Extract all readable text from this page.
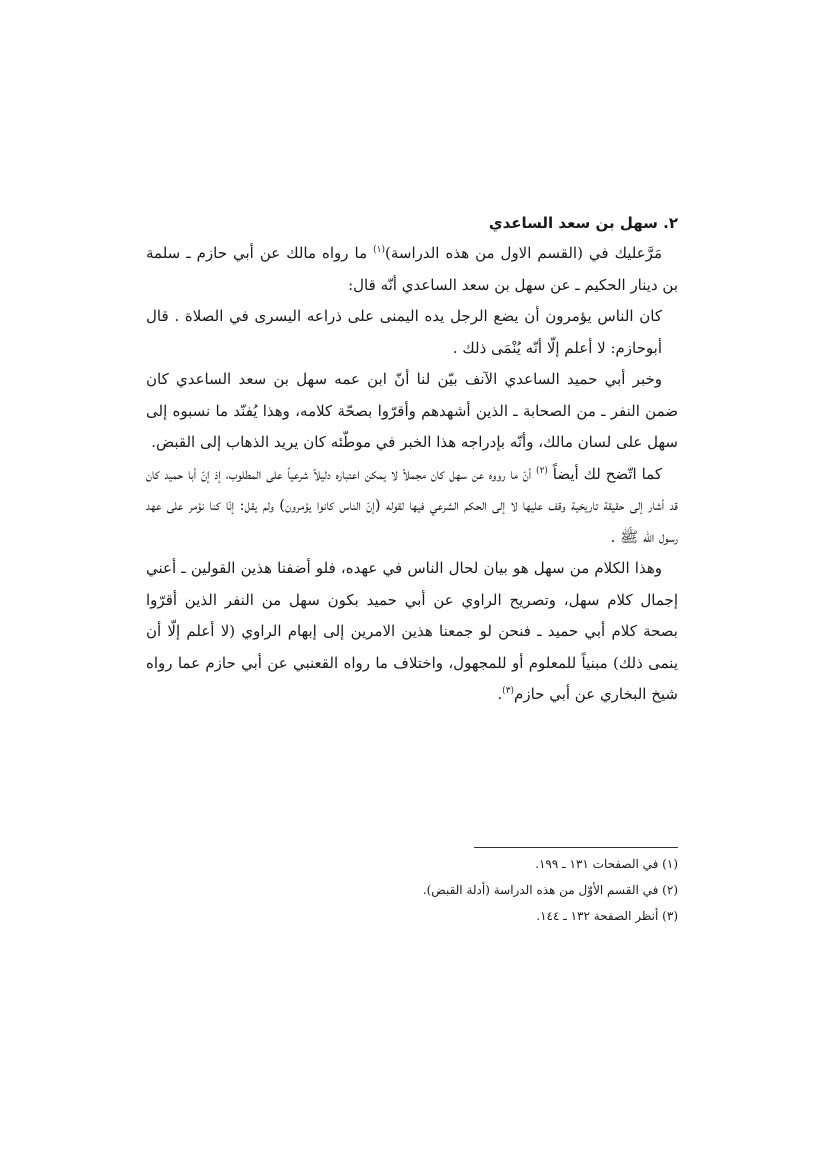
٢. سهل بن سعد الساعدي

مَرَّعليك في (القسم الاول من هذه الدراسة)$^{(١)}$ ما رواه مالك عن أبي حازم ـ سلمة بن دينار الحكيم ـ عن سهل بن سعد الساعدي أنّه قال:

كان الناس يؤمرون أن يضع الرجل يده اليمنى على ذراعه اليسرى في الصلاة . قال أبوحازم: لا أعلم إلّا أنّه يُنْمَى ذلك .

وخبر أبي حميد الساعدي الآنف بيّن لنا أنّ ابن عمه سهل بن سعد الساعدي كان ضمن النفر ـ من الصحابة ـ الذين أشهدهم وأقرّوا بصحّة كلامه، وهذا يُفنّد ما نسبوه إلى سهل على لسان مالك، وأنّه بإدراجه هذا الخبر في موطّئه كان يريد الذهاب إلى القبض.

كما اتّضح لك أيضاً $^{(٢)}$ أنّ ما رووه عن سهل كان مجملاً لا يمكن اعتباره دليلاً شرعياً على المطلوب، إذ إنّ أبا حميد كان قد أشار إلى حقيقة تاريخية وقف عليها لا إلى الحكم الشرعي فيها لقوله (إنّ الناس كانوا يؤمرون) ولم يقل: إنّا كنا نؤمر على عهد رسول الله ﷺ .

وهذا الكلام من سهل هو بيان لحال الناس في عهده، فلو أضفنا هذين القولين ـ أعني إجمال كلام سهل، وتصريح الراوي عن أبي حميد بكون سهل من النفر الذين أقرّوا بصحة كلام أبي حميد ـ فنحن لو جمعنا هذين الامرين إلى إبهام الراوي (لا أعلم إلّا أن ينمى ذلك) مبنياً للمعلوم أو للمجهول، واختلاف ما رواه القعنبي عن أبي حازم عما رواه شيخ البخاري عن أبي حازم$^{(٣)}$.

(١) في الصفحات ١٣١ ـ ١٩٩.

(٢) في القسم الأوّل من هذه الدراسة (أدلة القبض).

(٣) أنظر الصفحة ١٣٢ ـ ١٤٤.
